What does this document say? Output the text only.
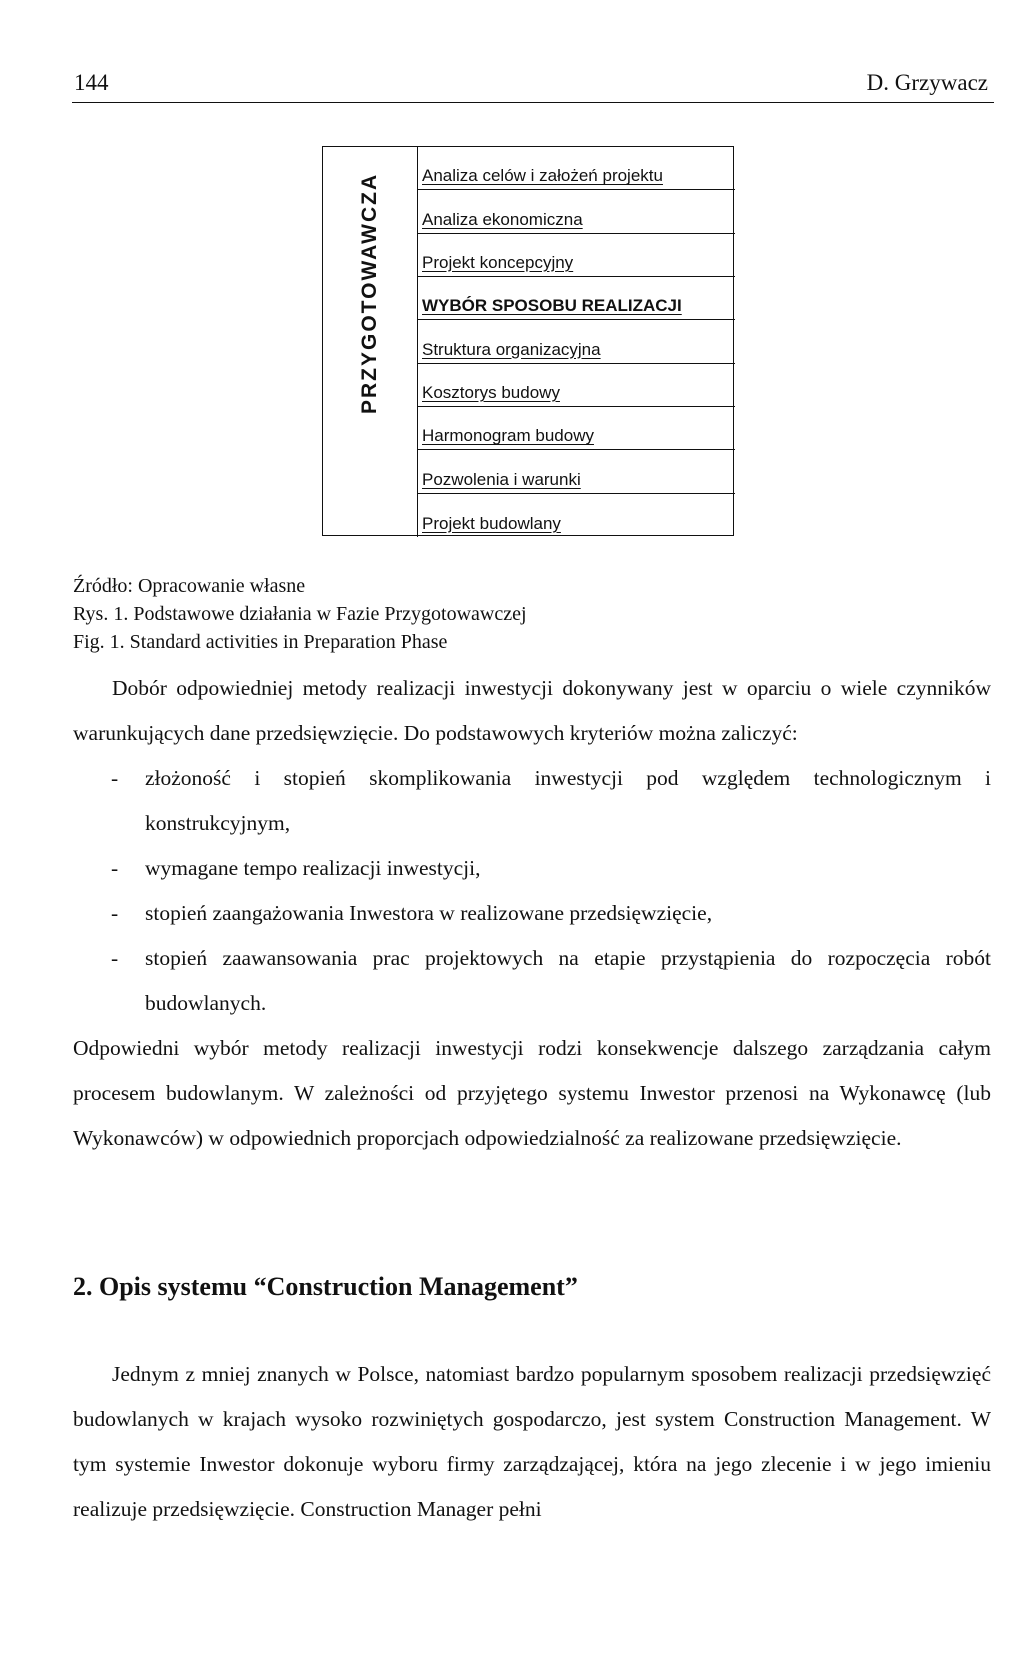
144	D. Grzywacz
PRZYGOTOWAWCZA	Analiza celów i założeń projektu
Analiza ekonomiczna
Projekt koncepcyjny
WYBÓR SPOSOBU REALIZACJI
Struktura organizacyjna
Kosztorys budowy
Harmonogram budowy
Pozwolenia i warunki
Projekt budowlany
Źródło: Opracowanie własne
Rys. 1. Podstawowe działania w Fazie Przygotowawczej
Fig. 1. Standard activities in Preparation Phase

Dobór odpowiedniej metody realizacji inwestycji dokonywany jest w oparciu o wiele czynników warunkujących dane przedsięwzięcie. Do podstawowych kryteriów można zaliczyć:

- złożoność i stopień skomplikowania inwestycji pod względem technologicznym i konstrukcyjnym,
- wymagane tempo realizacji inwestycji,
- stopień zaangażowania Inwestora w realizowane przedsięwzięcie,
- stopień zaawansowania prac projektowych na etapie przystąpienia do rozpoczęcia robót budowlanych.

Odpowiedni wybór metody realizacji inwestycji rodzi konsekwencje dalszego zarządzania całym procesem budowlanym. W zależności od przyjętego systemu Inwestor przenosi na Wykonawcę (lub Wykonawców) w odpowiednich proporcjach odpowiedzialność za realizowane przedsięwzięcie.

2. Opis systemu “Construction Management”

Jednym z mniej znanych w Polsce, natomiast bardzo popularnym sposobem realizacji przedsięwzięć budowlanych w krajach wysoko rozwiniętych gospodarczo, jest system Construction Management. W tym systemie Inwestor dokonuje wyboru firmy zarządzającej, która na jego zlecenie i w jego imieniu realizuje przedsięwzięcie. Construction Manager pełni
